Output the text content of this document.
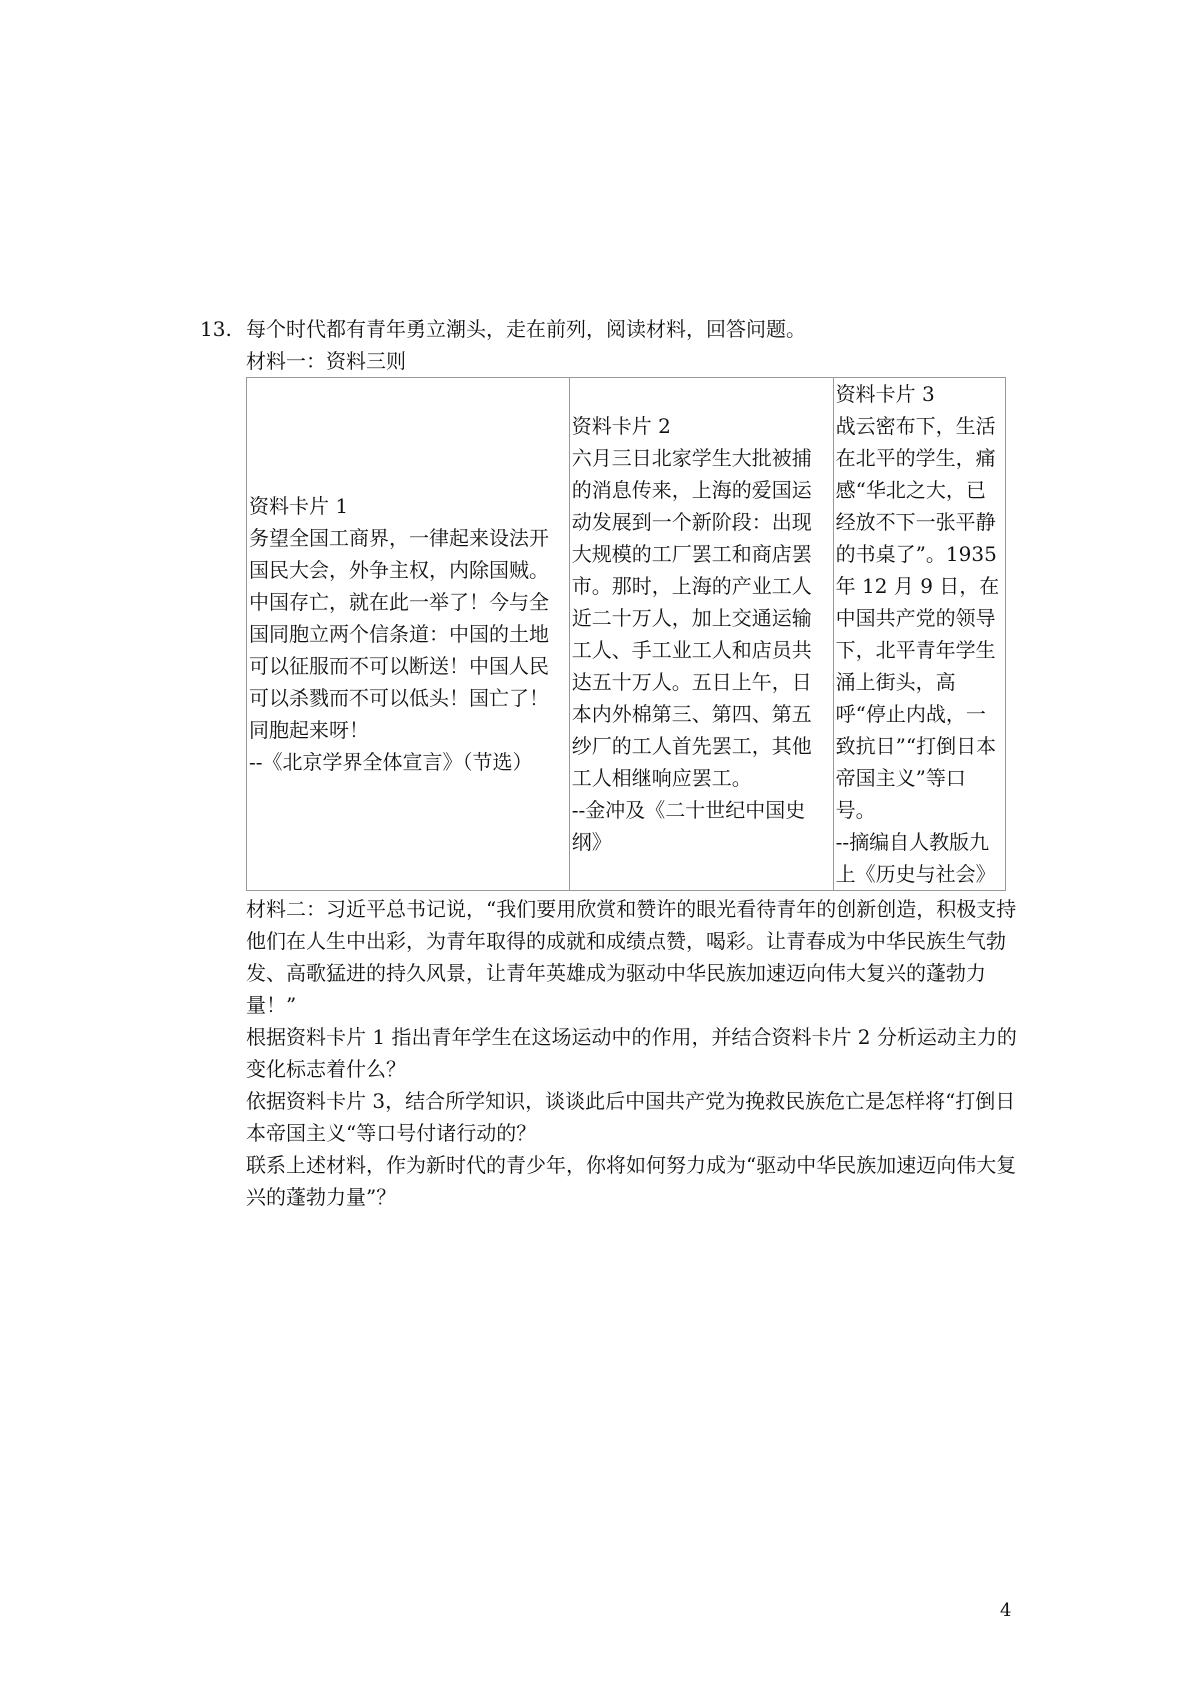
13. 每个时代都有青年勇立潮头，走在前列，阅读材料，回答问题。
材料一：资料三则
资料卡片 1
务望全国工商界，一律起来设法开国民大会，外争主权，内除国贼。中国存亡，就在此一举了！今与全国同胞立两个信条道：中国的土地可以征服而不可以断送！中国人民可以杀戮而不可以低头！国亡了！同胞起来呀！
--《北京学界全体宣言》（节选）

资料卡片 2
六月三日北家学生大批被捕的消息传来，上海的爱国运动发展到一个新阶段：出现大规模的工厂罢工和商店罢市。那时，上海的产业工人近二十万人，加上交通运输工人、手工业工人和店员共达五十万人。五日上午，日本内外棉第三、第四、第五纱厂的工人首先罢工，其他工人相继响应罢工。
--金冲及《二十世纪中国史纲》

资料卡片 3
战云密布下，生活在北平的学生，痛感“华北之大，已经放不下一张平静的书桌了”。1935 年 12 月 9 日，在中国共产党的领导下，北平青年学生涌上街头，高呼“停止内战，一致抗日”“打倒日本帝国主义”等口号。
--摘编自人教版九上《历史与社会》
材料二：习近平总书记说，“我们要用欣赏和赞许的眼光看待青年的创新创造，积极支持他们在人生中出彩，为青年取得的成就和成绩点赞，喝彩。让青春成为中华民族生气勃发、高歌猛进的持久风景，让青年英雄成为驱动中华民族加速迈向伟大复兴的蓬勃力量！”
根据资料卡片 1 指出青年学生在这场运动中的作用，并结合资料卡片 2 分析运动主力的变化标志着什么？
依据资料卡片 3，结合所学知识，谈谈此后中国共产党为挽救民族危亡是怎样将“打倒日本帝国主义“等口号付诸行动的？
联系上述材料，作为新时代的青少年，你将如何努力成为“驱动中华民族加速迈向伟大复兴的蓬勃力量”？
4
